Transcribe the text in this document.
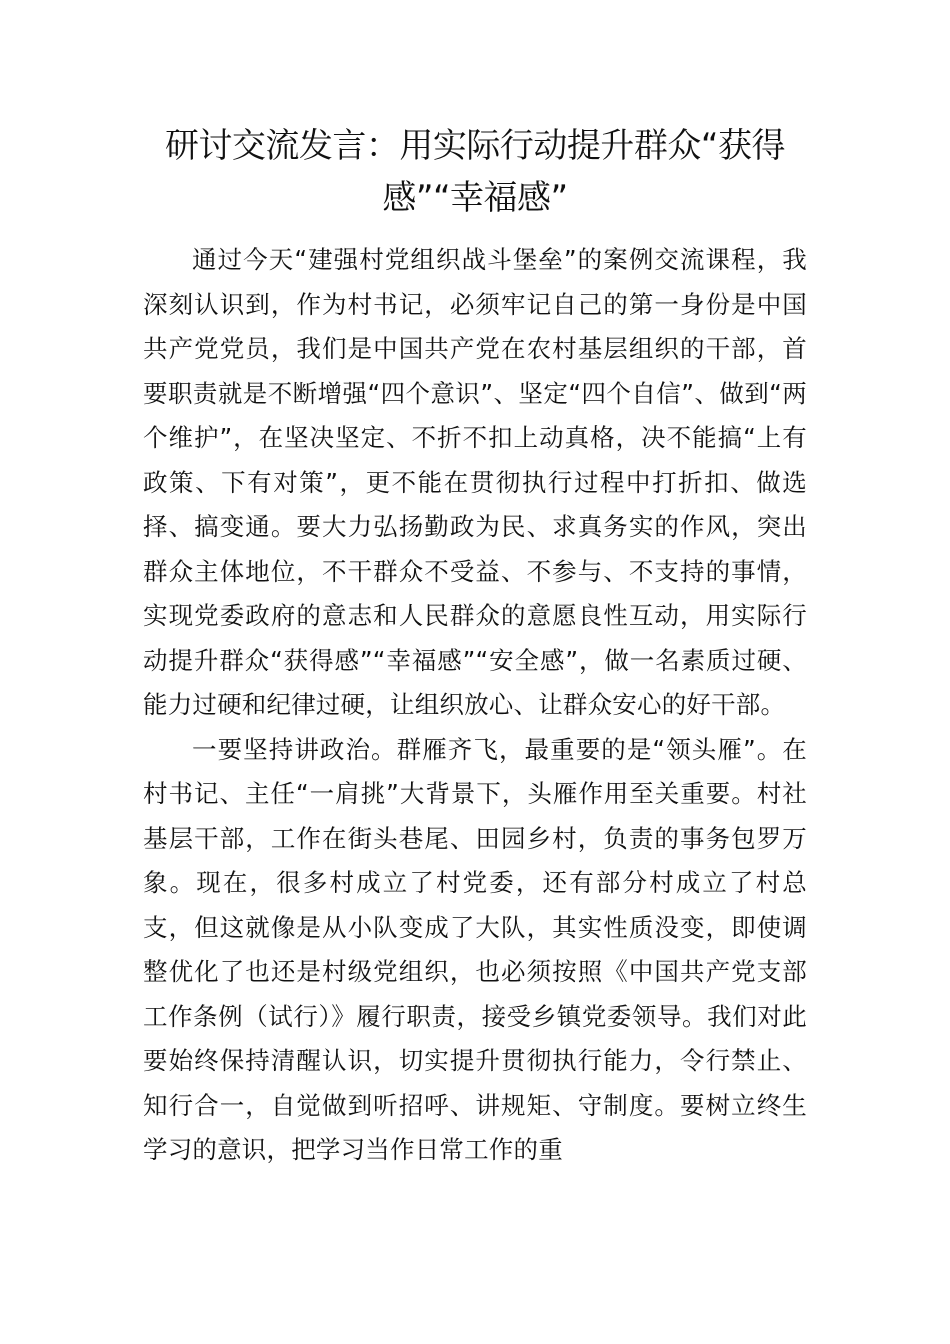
研讨交流发言：用实际行动提升群众“获得感”“幸福感”

通过今天“建强村党组织战斗堡垒”的案例交流课程，我深刻认识到，作为村书记，必须牢记自己的第一身份是中国共产党党员，我们是中国共产党在农村基层组织的干部，首要职责就是不断增强“四个意识”、坚定“四个自信”、做到“两个维护”，在坚决坚定、不折不扣上动真格，决不能搞“上有政策、下有对策”，更不能在贯彻执行过程中打折扣、做选择、搞变通。要大力弘扬勤政为民、求真务实的作风，突出群众主体地位，不干群众不受益、不参与、不支持的事情，实现党委政府的意志和人民群众的意愿良性互动，用实际行动提升群众“获得感”“幸福感”“安全感”，做一名素质过硬、能力过硬和纪律过硬，让组织放心、让群众安心的好干部。

一要坚持讲政治。群雁齐飞，最重要的是“领头雁”。在村书记、主任“一肩挑”大背景下，头雁作用至关重要。村社基层干部，工作在街头巷尾、田园乡村，负责的事务包罗万象。现在，很多村成立了村党委，还有部分村成立了村总支，但这就像是从小队变成了大队，其实性质没变，即使调整优化了也还是村级党组织，也必须按照《中国共产党支部工作条例（试行）》履行职责，接受乡镇党委领导。我们对此要始终保持清醒认识，切实提升贯彻执行能力，令行禁止、知行合一，自觉做到听招呼、讲规矩、守制度。要树立终生学习的意识，把学习当作日常工作的重
